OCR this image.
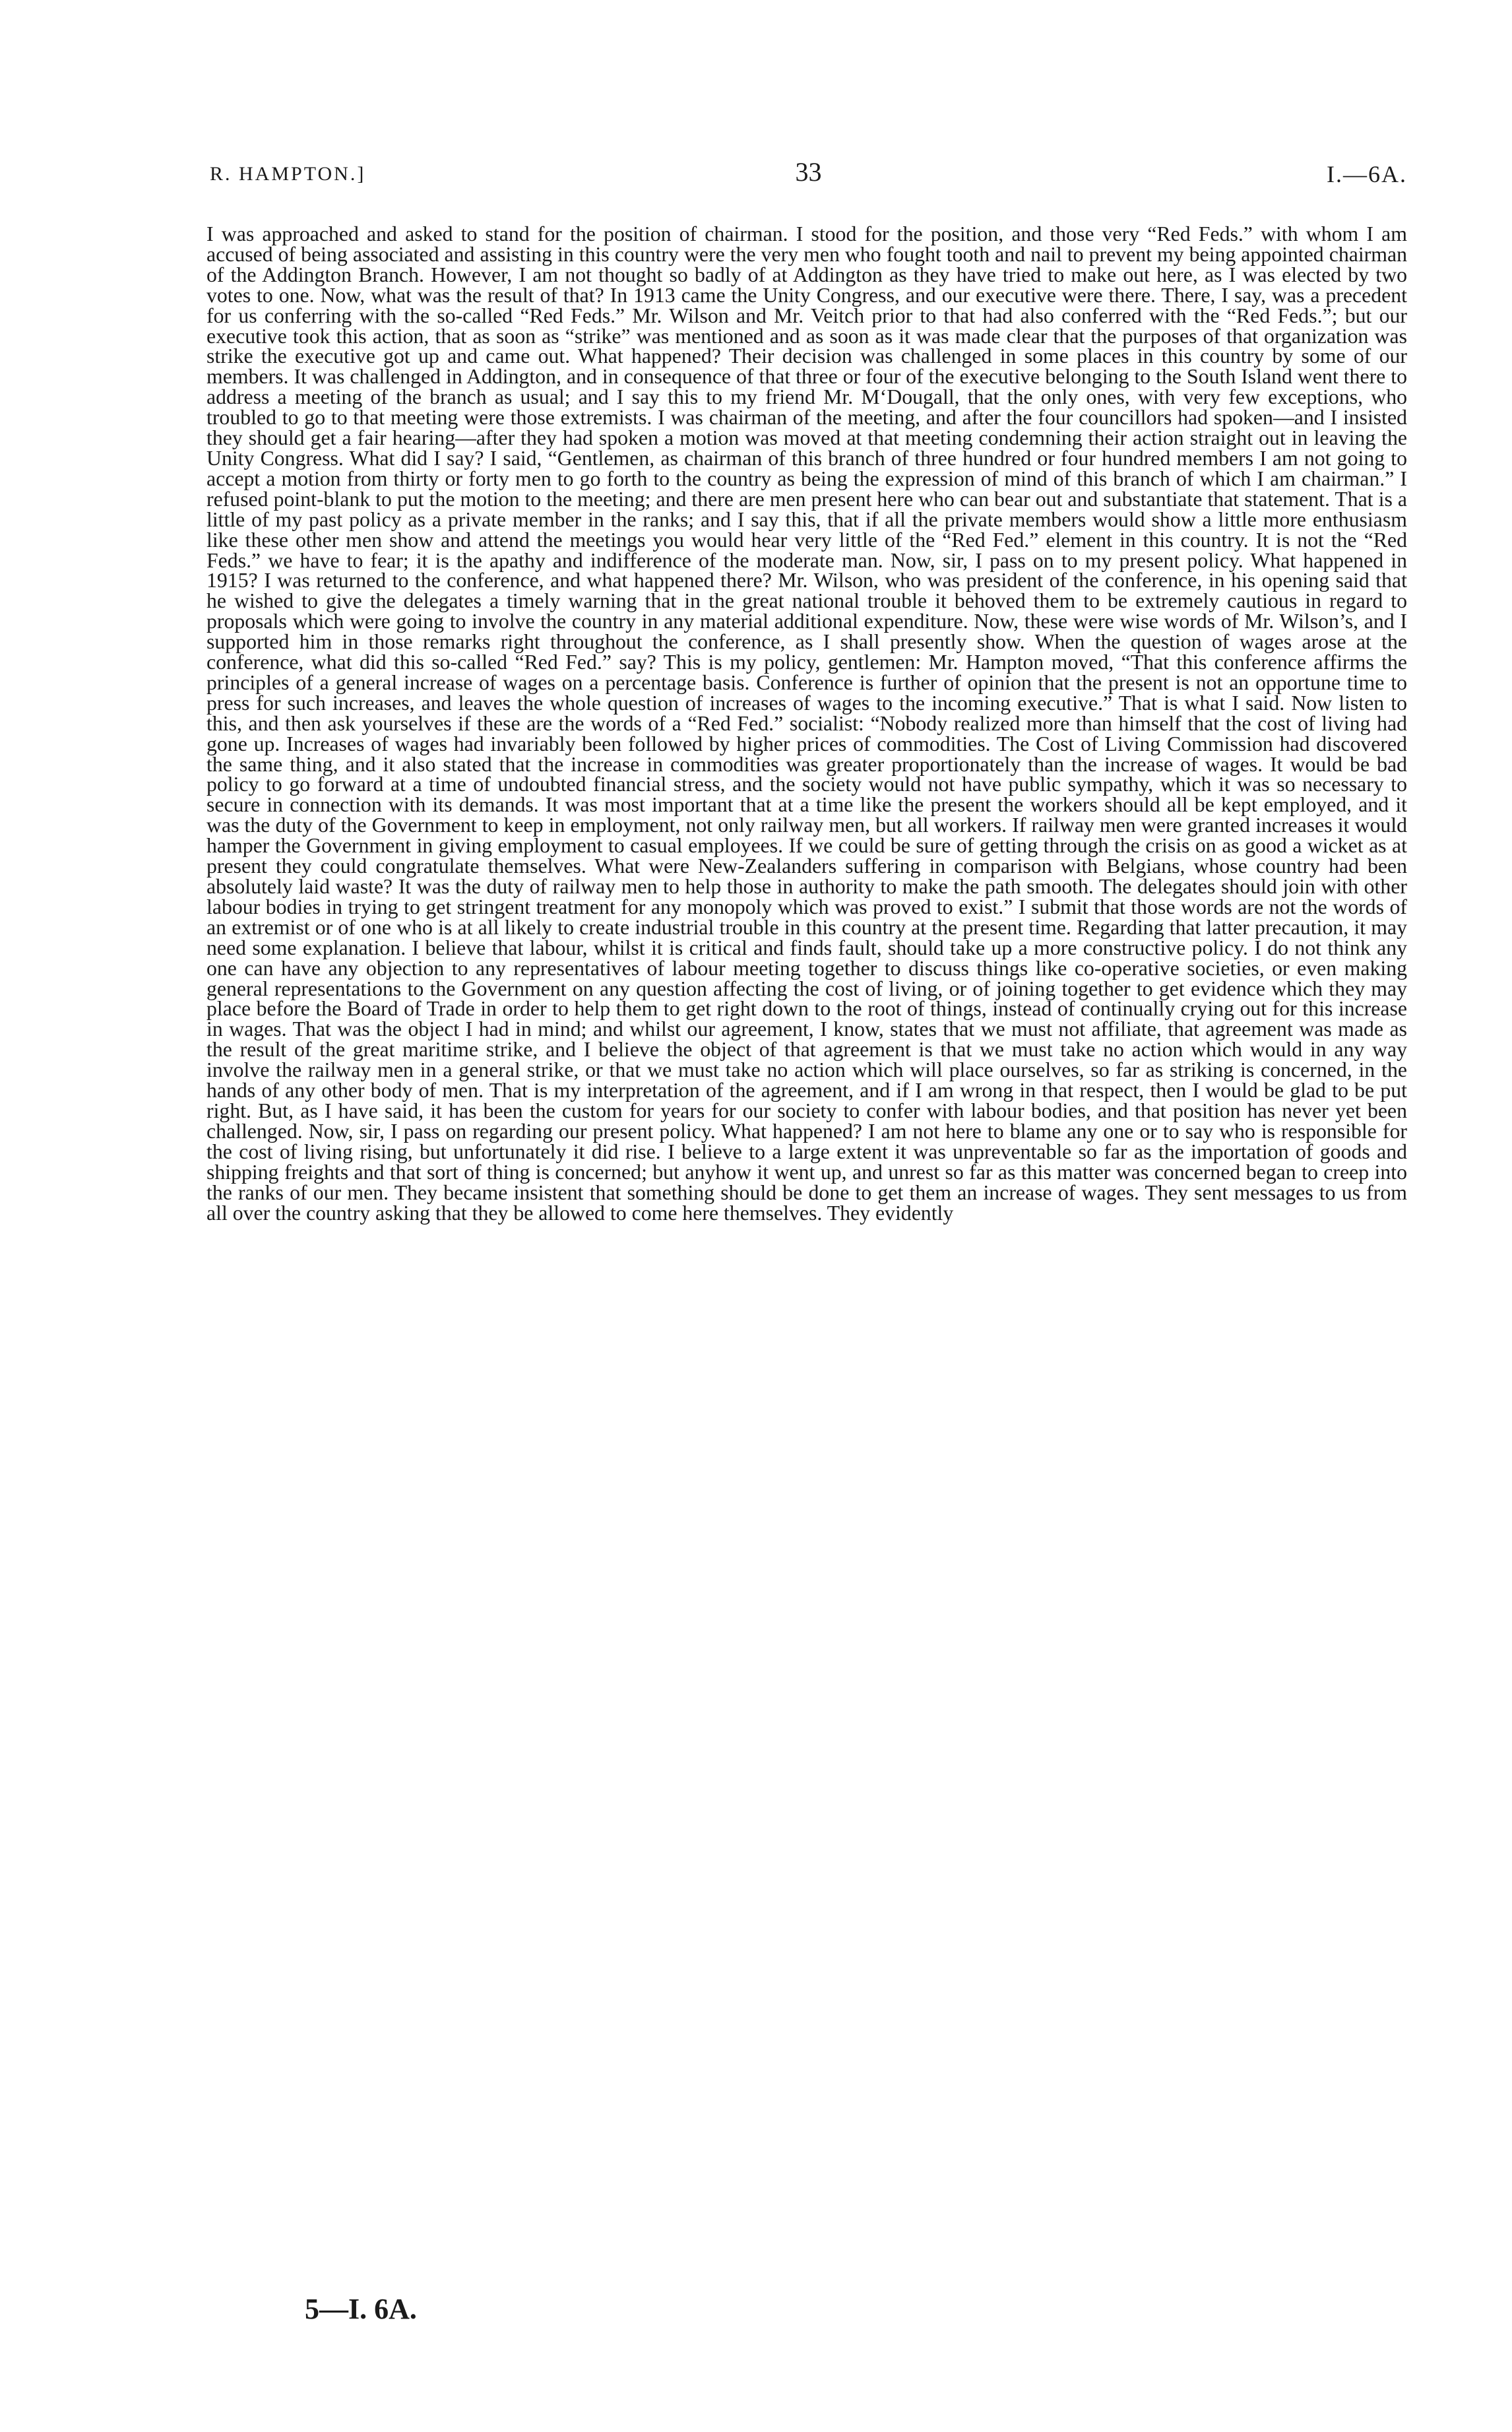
R. HAMPTON.]	33	I.—6A.

I was approached and asked to stand for the position of chairman. I stood for the position, and those very “Red Feds.” with whom I am accused of being associated and assisting in this country were the very men who fought tooth and nail to prevent my being appointed chairman of the Addington Branch. However, I am not thought so badly of at Addington as they have tried to make out here, as I was elected by two votes to one. Now, what was the result of that? In 1913 came the Unity Congress, and our executive were there. There, I say, was a precedent for us conferring with the so-called “Red Feds.” Mr. Wilson and Mr. Veitch prior to that had also conferred with the “Red Feds.”; but our executive took this action, that as soon as “strike” was mentioned and as soon as it was made clear that the purposes of that organization was strike the executive got up and came out. What happened? Their decision was challenged in some places in this country by some of our members. It was challenged in Addington, and in consequence of that three or four of the executive belonging to the South Island went there to address a meeting of the branch as usual; and I say this to my friend Mr. M‘Dougall, that the only ones, with very few exceptions, who troubled to go to that meeting were those extremists. I was chairman of the meeting, and after the four councillors had spoken—and I insisted they should get a fair hearing—after they had spoken a motion was moved at that meeting condemning their action straight out in leaving the Unity Congress. What did I say? I said, “Gentlemen, as chairman of this branch of three hundred or four hundred members I am not going to accept a motion from thirty or forty men to go forth to the country as being the expression of mind of this branch of which I am chairman.” I refused point-blank to put the motion to the meeting; and there are men present here who can bear out and substantiate that statement. That is a little of my past policy as a private member in the ranks; and I say this, that if all the private members would show a little more enthusiasm like these other men show and attend the meetings you would hear very little of the “Red Fed.” element in this country. It is not the “Red Feds.” we have to fear; it is the apathy and indifference of the moderate man. Now, sir, I pass on to my present policy. What happened in 1915? I was returned to the conference, and what happened there? Mr. Wilson, who was president of the conference, in his opening said that he wished to give the delegates a timely warning that in the great national trouble it behoved them to be extremely cautious in regard to proposals which were going to involve the country in any material additional expenditure. Now, these were wise words of Mr. Wilson’s, and I supported him in those remarks right throughout the conference, as I shall presently show. When the question of wages arose at the conference, what did this so-called “Red Fed.” say? This is my policy, gentlemen: Mr. Hampton moved, “That this conference affirms the principles of a general increase of wages on a percentage basis. Conference is further of opinion that the present is not an opportune time to press for such increases, and leaves the whole question of increases of wages to the incoming executive.” That is what I said. Now listen to this, and then ask yourselves if these are the words of a “Red Fed.” socialist: “Nobody realized more than himself that the cost of living had gone up. Increases of wages had invariably been followed by higher prices of commodities. The Cost of Living Commission had discovered the same thing, and it also stated that the increase in commodities was greater proportionately than the increase of wages. It would be bad policy to go forward at a time of undoubted financial stress, and the society would not have public sympathy, which it was so necessary to secure in connection with its demands. It was most important that at a time like the present the workers should all be kept employed, and it was the duty of the Government to keep in employment, not only railway men, but all workers. If railway men were granted increases it would hamper the Government in giving employment to casual employees. If we could be sure of getting through the crisis on as good a wicket as at present they could congratulate themselves. What were New-Zealanders suffering in comparison with Belgians, whose country had been absolutely laid waste? It was the duty of railway men to help those in authority to make the path smooth. The delegates should join with other labour bodies in trying to get stringent treatment for any monopoly which was proved to exist.” I submit that those words are not the words of an extremist or of one who is at all likely to create industrial trouble in this country at the present time. Regarding that latter precaution, it may need some explanation. I believe that labour, whilst it is critical and finds fault, should take up a more constructive policy. I do not think any one can have any objection to any representatives of labour meeting together to discuss things like co-operative societies, or even making general representations to the Government on any question affecting the cost of living, or of joining together to get evidence which they may place before the Board of Trade in order to help them to get right down to the root of things, instead of continually crying out for this increase in wages. That was the object I had in mind; and whilst our agreement, I know, states that we must not affiliate, that agreement was made as the result of the great maritime strike, and I believe the object of that agreement is that we must take no action which would in any way involve the railway men in a general strike, or that we must take no action which will place ourselves, so far as striking is concerned, in the hands of any other body of men. That is my interpretation of the agreement, and if I am wrong in that respect, then I would be glad to be put right. But, as I have said, it has been the custom for years for our society to confer with labour bodies, and that position has never yet been challenged. Now, sir, I pass on regarding our present policy. What happened? I am not here to blame any one or to say who is responsible for the cost of living rising, but unfortunately it did rise. I believe to a large extent it was unpreventable so far as the importation of goods and shipping freights and that sort of thing is concerned; but anyhow it went up, and unrest so far as this matter was concerned began to creep into the ranks of our men. They became insistent that something should be done to get them an increase of wages. They sent messages to us from all over the country asking that they be allowed to come here themselves. They evidently

5—I. 6A.
